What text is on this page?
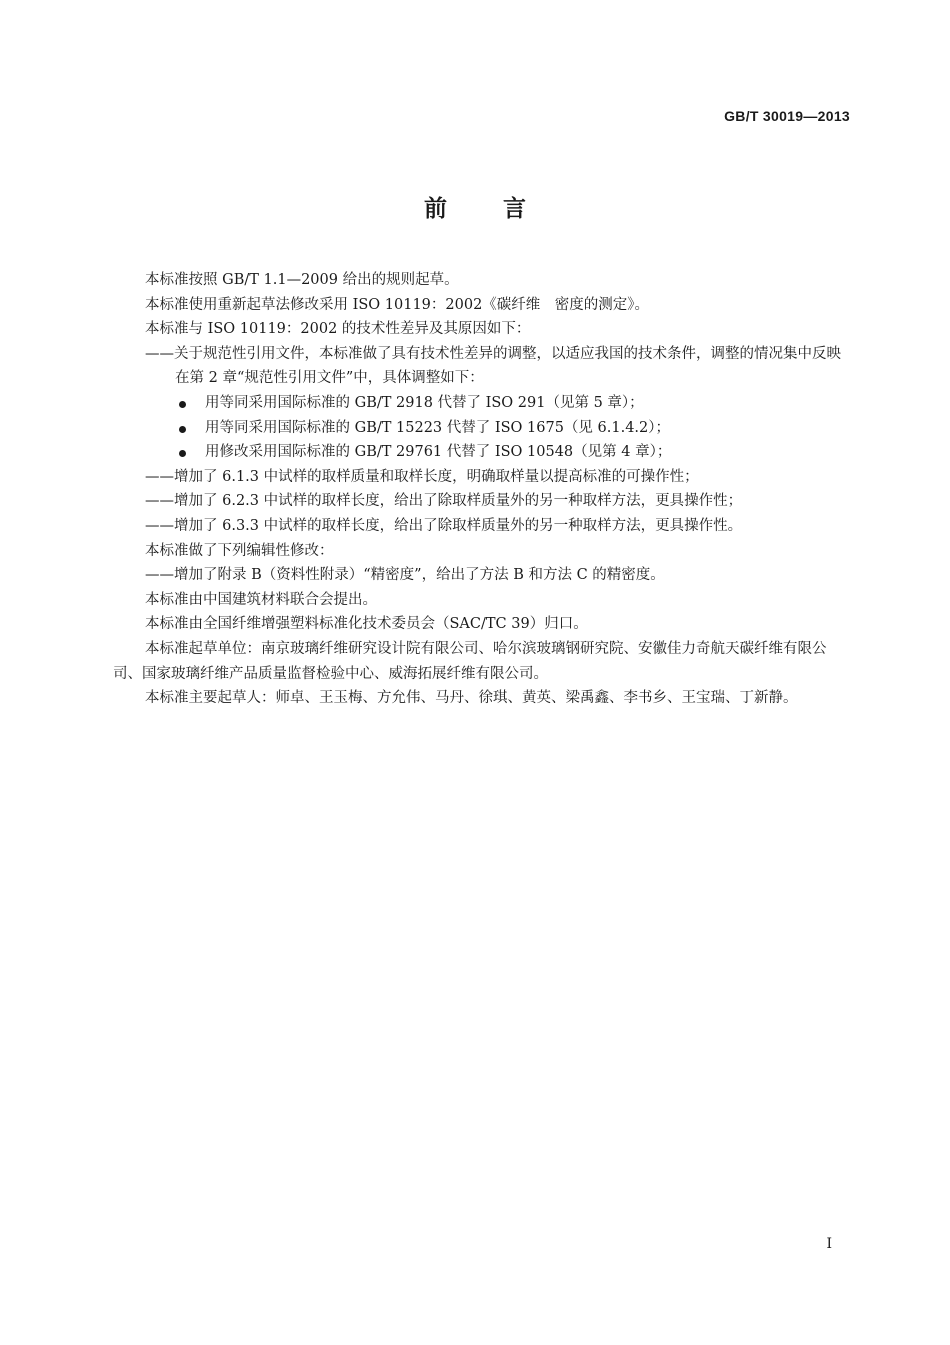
GB/T 30019—2013
前言

本标准按照 GB/T 1.1—2009 给出的规则起草。

本标准使用重新起草法修改采用 ISO 10119：2002《碳纤维　密度的测定》。

本标准与 ISO 10119：2002 的技术性差异及其原因如下：

——关于规范性引用文件，本标准做了具有技术性差异的调整，以适应我国的技术条件，调整的情况集中反映在第 2 章“规范性引用文件”中，具体调整如下：

用等同采用国际标准的 GB/T 2918 代替了 ISO 291（见第 5 章）；

用等同采用国际标准的 GB/T 15223 代替了 ISO 1675（见 6.1.4.2）；

用修改采用国际标准的 GB/T 29761 代替了 ISO 10548（见第 4 章）；

——增加了 6.1.3 中试样的取样质量和取样长度，明确取样量以提高标准的可操作性；

——增加了 6.2.3 中试样的取样长度，给出了除取样质量外的另一种取样方法，更具操作性；

——增加了 6.3.3 中试样的取样长度，给出了除取样质量外的另一种取样方法，更具操作性。

本标准做了下列编辑性修改：

——增加了附录 B（资料性附录）“精密度”，给出了方法 B 和方法 C 的精密度。

本标准由中国建筑材料联合会提出。

本标准由全国纤维增强塑料标准化技术委员会（SAC/TC 39）归口。

本标准起草单位：南京玻璃纤维研究设计院有限公司、哈尔滨玻璃钢研究院、安徽佳力奇航天碳纤维有限公司、国家玻璃纤维产品质量监督检验中心、威海拓展纤维有限公司。

本标准主要起草人：师卓、王玉梅、方允伟、马丹、徐琪、黄英、梁禹鑫、李书乡、王宝瑞、丁新静。

I
